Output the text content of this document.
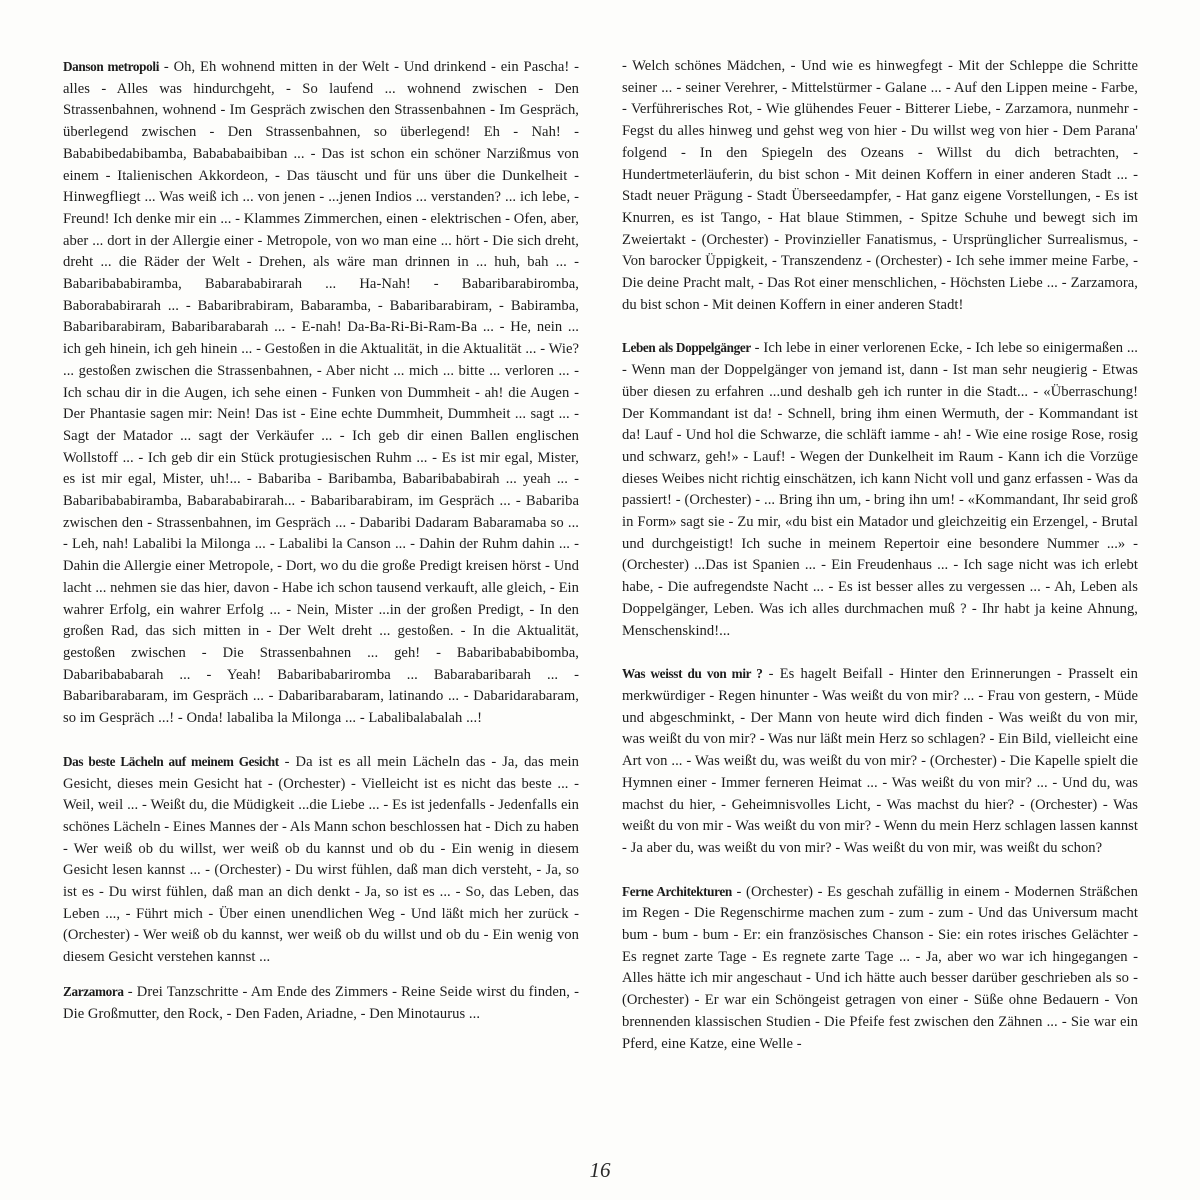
Danson metropoli - Oh, Eh wohnend mitten in der Welt - Und drinkend - ein Pascha! - alles - Alles was hindurchgeht, - So laufend ... wohnend zwischen - Den Strassenbahnen, wohnend - Im Gespräch zwischen den Strassenbahnen - Im Gespräch, überlegend zwischen - Den Strassenbahnen, so überlegend! Eh - Nah! - Bababibedabibamba, Babababaibiban ... - Das ist schon ein schöner Narzißmus von einem - Italienischen Akkordeon, - Das täuscht und für uns über die Dunkelheit - Hinwegfliegt ... Was weiß ich ... von jenen - ...jenen Indios ... verstanden? ... ich lebe, - Freund! Ich denke mir ein ... - Klammes Zimmerchen, einen - elektrischen - Ofen, aber, aber ... dort in der Allergie einer - Metropole, von wo man eine ... hört - Die sich dreht, dreht ... die Räder der Welt - Drehen, als wäre man drinnen in ... huh, bah ... - Babaribababiramba, Babarababirarah ... Ha-Nah! - Babaribarabiromba, Baborababirarah ... - Babaribrabiram, Babaramba, - Babaribarabiram, - Babiramba, Babaribarabiram, Babaribarabarah ... - E-nah! Da-Ba-Ri-Bi-Ram-Ba ... - He, nein ... ich geh hinein, ich geh hinein ... - Gestoßen in die Aktualität, in die Aktualität ... - Wie? ... gestoßen zwischen die Strassenbahnen, - Aber nicht ... mich ... bitte ... verloren ... - Ich schau dir in die Augen, ich sehe einen - Funken von Dummheit - ah! die Augen - Der Phantasie sagen mir: Nein! Das ist - Eine echte Dummheit, Dummheit ... sagt ... - Sagt der Matador ... sagt der Verkäufer ... - Ich geb dir einen Ballen englischen Wollstoff ... - Ich geb dir ein Stück protugiesischen Ruhm ... - Es ist mir egal, Mister, es ist mir egal, Mister, uh!... - Babariba - Baribamba, Babaribababirah ... yeah ... - Babaribababiramba, Babarababirarah... - Babaribarabiram, im Gespräch ... - Babariba zwischen den - Strassenbahnen, im Gespräch ... - Dabaribi Dadaram Babaramaba so ... - Leh, nah! Labalibi la Milonga ... - Labalibi la Canson ... - Dahin der Ruhm dahin ... - Dahin die Allergie einer Metropole, - Dort, wo du die große Predigt kreisen hörst - Und lacht ... nehmen sie das hier, davon - Habe ich schon tausend verkauft, alle gleich, - Ein wahrer Erfolg, ein wahrer Erfolg ... - Nein, Mister ...in der großen Predigt, - In den großen Rad, das sich mitten in - Der Welt dreht ... gestoßen. - In die Aktualität, gestoßen zwischen - Die Strassenbahnen ... geh! - Babaribababibomba, Dabaribababarah ... - Yeah! Babaribabariromba ... Babarabaribarah ... - Babaribarabaram, im Gespräch ... - Dabaribarabaram, latinando ... - Dabaridarabaram, so im Gespräch ...! - Onda! labaliba la Milonga ... - Labalibalabalah ...!

Das beste Lächeln auf meinem Gesicht - Da ist es all mein Lächeln das - Ja, das mein Gesicht, dieses mein Gesicht hat - (Orchester) - Vielleicht ist es nicht das beste ... - Weil, weil ... - Weißt du, die Müdigkeit ...die Liebe ... - Es ist jedenfalls - Jedenfalls ein schönes Lächeln - Eines Mannes der - Als Mann schon beschlossen hat - Dich zu haben - Wer weiß ob du willst, wer weiß ob du kannst und ob du - Ein wenig in diesem Gesicht lesen kannst ... - (Orchester) - Du wirst fühlen, daß man dich versteht, - Ja, so ist es - Du wirst fühlen, daß man an dich denkt - Ja, so ist es ... - So, das Leben, das Leben ..., - Führt mich - Über einen unendlichen Weg - Und läßt mich her zurück - (Orchester) - Wer weiß ob du kannst, wer weiß ob du willst und ob du - Ein wenig von diesem Gesicht verstehen kannst ...

Zarzamora - Drei Tanzschritte - Am Ende des Zimmers - Reine Seide wirst du finden, - Die Großmutter, den Rock, - Den Faden, Ariadne, - Den Minotaurus ...

- Welch schönes Mädchen, - Und wie es hinwegfegt - Mit der Schleppe die Schritte seiner ... - seiner Verehrer, - Mittelstürmer - Galane ... - Auf den Lippen meine - Farbe, - Verführerisches Rot, - Wie glühendes Feuer - Bitterer Liebe, - Zarzamora, nunmehr - Fegst du alles hinweg und gehst weg von hier - Du willst weg von hier - Dem Parana' folgend - In den Spiegeln des Ozeans - Willst du dich betrachten, - Hundertmeterläuferin, du bist schon - Mit deinen Koffern in einer anderen Stadt ... - Stadt neuer Prägung - Stadt Überseedampfer, - Hat ganz eigene Vorstellungen, - Es ist Knurren, es ist Tango, - Hat blaue Stimmen, - Spitze Schuhe und bewegt sich im Zweiertakt - (Orchester) - Provinzieller Fanatismus, - Ursprünglicher Surrealismus, - Von barocker Üppigkeit, - Transzendenz - (Orchester) - Ich sehe immer meine Farbe, - Die deine Pracht malt, - Das Rot einer menschlichen, - Höchsten Liebe ... - Zarzamora, du bist schon - Mit deinen Koffern in einer anderen Stadt!

Leben als Doppelgänger - Ich lebe in einer verlorenen Ecke, - Ich lebe so einigermaßen ... - Wenn man der Doppelgänger von jemand ist, dann - Ist man sehr neugierig - Etwas über diesen zu erfahren ...und deshalb geh ich runter in die Stadt... - «Überraschung! Der Kommandant ist da! - Schnell, bring ihm einen Wermuth, der - Kommandant ist da! Lauf - Und hol die Schwarze, die schläft iamme - ah! - Wie eine rosige Rose, rosig und schwarz, geh!» - Lauf! - Wegen der Dunkelheit im Raum - Kann ich die Vorzüge dieses Weibes nicht richtig einschätzen, ich kann Nicht voll und ganz erfassen - Was da passiert! - (Orchester) - ... Bring ihn um, - bring ihn um! - «Kommandant, Ihr seid groß in Form» sagt sie - Zu mir, «du bist ein Matador und gleichzeitig ein Erzengel, - Brutal und durchgeistigt! Ich suche in meinem Repertoir eine besondere Nummer ...» - (Orchester) ...Das ist Spanien ... - Ein Freudenhaus ... - Ich sage nicht was ich erlebt habe, - Die aufregendste Nacht ... - Es ist besser alles zu vergessen ... - Ah, Leben als Doppelgänger, Leben. Was ich alles durchmachen muß ? - Ihr habt ja keine Ahnung, Menschenskind!...

Was weisst du von mir ? - Es hagelt Beifall - Hinter den Erinnerungen - Prasselt ein merkwürdiger - Regen hinunter - Was weißt du von mir? ... - Frau von gestern, - Müde und abgeschminkt, - Der Mann von heute wird dich finden - Was weißt du von mir, was weißt du von mir? - Was nur läßt mein Herz so schlagen? - Ein Bild, vielleicht eine Art von ... - Was weißt du, was weißt du von mir? - (Orchester) - Die Kapelle spielt die Hymnen einer - Immer ferneren Heimat ... - Was weißt du von mir? ... - Und du, was machst du hier, - Geheimnisvolles Licht, - Was machst du hier? - (Orchester) - Was weißt du von mir - Was weißt du von mir? - Wenn du mein Herz schlagen lassen kannst - Ja aber du, was weißt du von mir? - Was weißt du von mir, was weißt du schon?

Ferne Architekturen - (Orchester) - Es geschah zufällig in einem - Modernen Sträßchen im Regen - Die Regenschirme machen zum - zum - zum - Und das Universum macht bum - bum - bum - Er: ein französisches Chanson - Sie: ein rotes irisches Gelächter - Es regnet zarte Tage - Es regnete zarte Tage ... - Ja, aber wo war ich hingegangen - Alles hätte ich mir angeschaut - Und ich hätte auch besser darüber geschrieben als so - (Orchester) - Er war ein Schöngeist getragen von einer - Süße ohne Bedauern - Von brennenden klassischen Studien - Die Pfeife fest zwischen den Zähnen ... - Sie war ein Pferd, eine Katze, eine Welle -

16
